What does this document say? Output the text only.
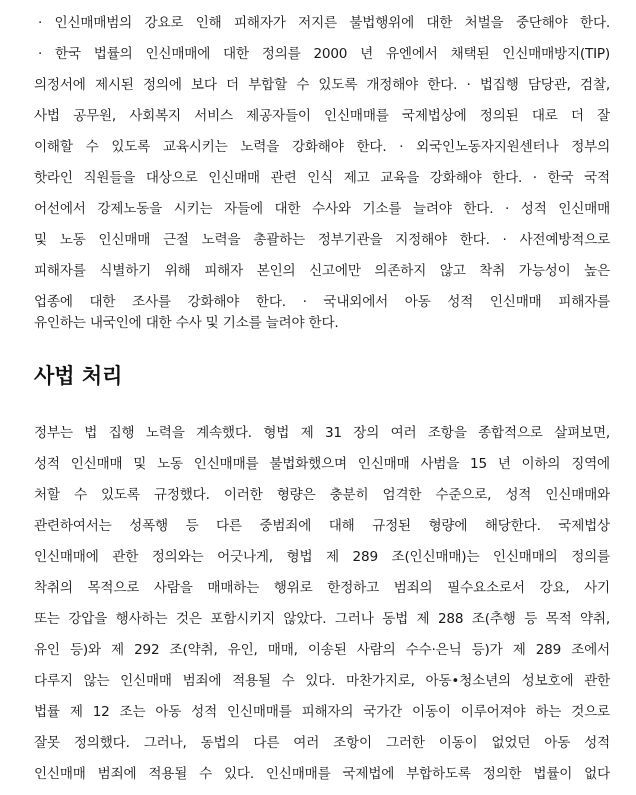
· 인신매매범의 강요로 인해 피해자가 저지른 불법행위에 대한 처벌을 중단해야 한다.
· 한국 법률의 인신매매에 대한 정의를 2000 년 유엔에서 채택된 인신매매방지(TIP)
의정서에 제시된 정의에 보다 더 부합할 수 있도록 개정해야 한다. · 법집행 담당관, 검찰,
사법 공무원, 사회복지 서비스 제공자들이 인신매매를 국제법상에 정의된 대로 더 잘
이해할 수 있도록 교육시키는 노력을 강화해야 한다. · 외국인노동자지원센터나 정부의
핫라인 직원들을 대상으로 인신매매 관련 인식 제고 교육을 강화해야 한다. · 한국 국적
어선에서 강제노동을 시키는 자들에 대한 수사와 기소를 늘려야 한다. · 성적 인신매매
및 노동 인신매매 근절 노력을 총괄하는 정부기관을 지정해야 한다. · 사전예방적으로
피해자를 식별하기 위해 피해자 본인의 신고에만 의존하지 않고 착취 가능성이 높은
업종에 대한 조사를 강화해야 한다. · 국내외에서 아동 성적 인신매매 피해자를
유인하는 내국인에 대한 수사 및 기소를 늘려야 한다.
사법 처리
정부는 법 집행 노력을 계속했다. 형법 제 31 장의 여러 조항을 종합적으로 살펴보면,
성적 인신매매 및 노동 인신매매를 불법화했으며 인신매매 사범을 15 년 이하의 징역에
처할 수 있도록 규정했다. 이러한 형량은 충분히 엄격한 수준으로, 성적 인신매매와
관련하여서는 성폭행 등 다른 중범죄에 대해 규정된 형량에 해당한다. 국제법상
인신매매에 관한 정의와는 어긋나게, 형법 제 289 조(인신매매)는 인신매매의 정의를
착취의 목적으로 사람을 매매하는 행위로 한정하고 범죄의 필수요소로서 강요, 사기
또는 강압을 행사하는 것은 포함시키지 않았다. 그러나 동법 제 288 조(추행 등 목적 약취,
유인 등)와 제 292 조(약취, 유인, 매매, 이송된 사람의 수수·은닉 등)가 제 289 조에서
다루지 않는 인신매매 범죄에 적용될 수 있다. 마찬가지로, 아동•청소년의 성보호에 관한
법률 제 12 조는 아동 성적 인신매매를 피해자의 국가간 이동이 이루어져야 하는 것으로
잘못 정의했다. 그러나, 동법의 다른 여러 조항이 그러한 이동이 없었던 아동 성적
인신매매 범죄에 적용될 수 있다. 인신매매를 국제법에 부합하도록 정의한 법률이 없다
